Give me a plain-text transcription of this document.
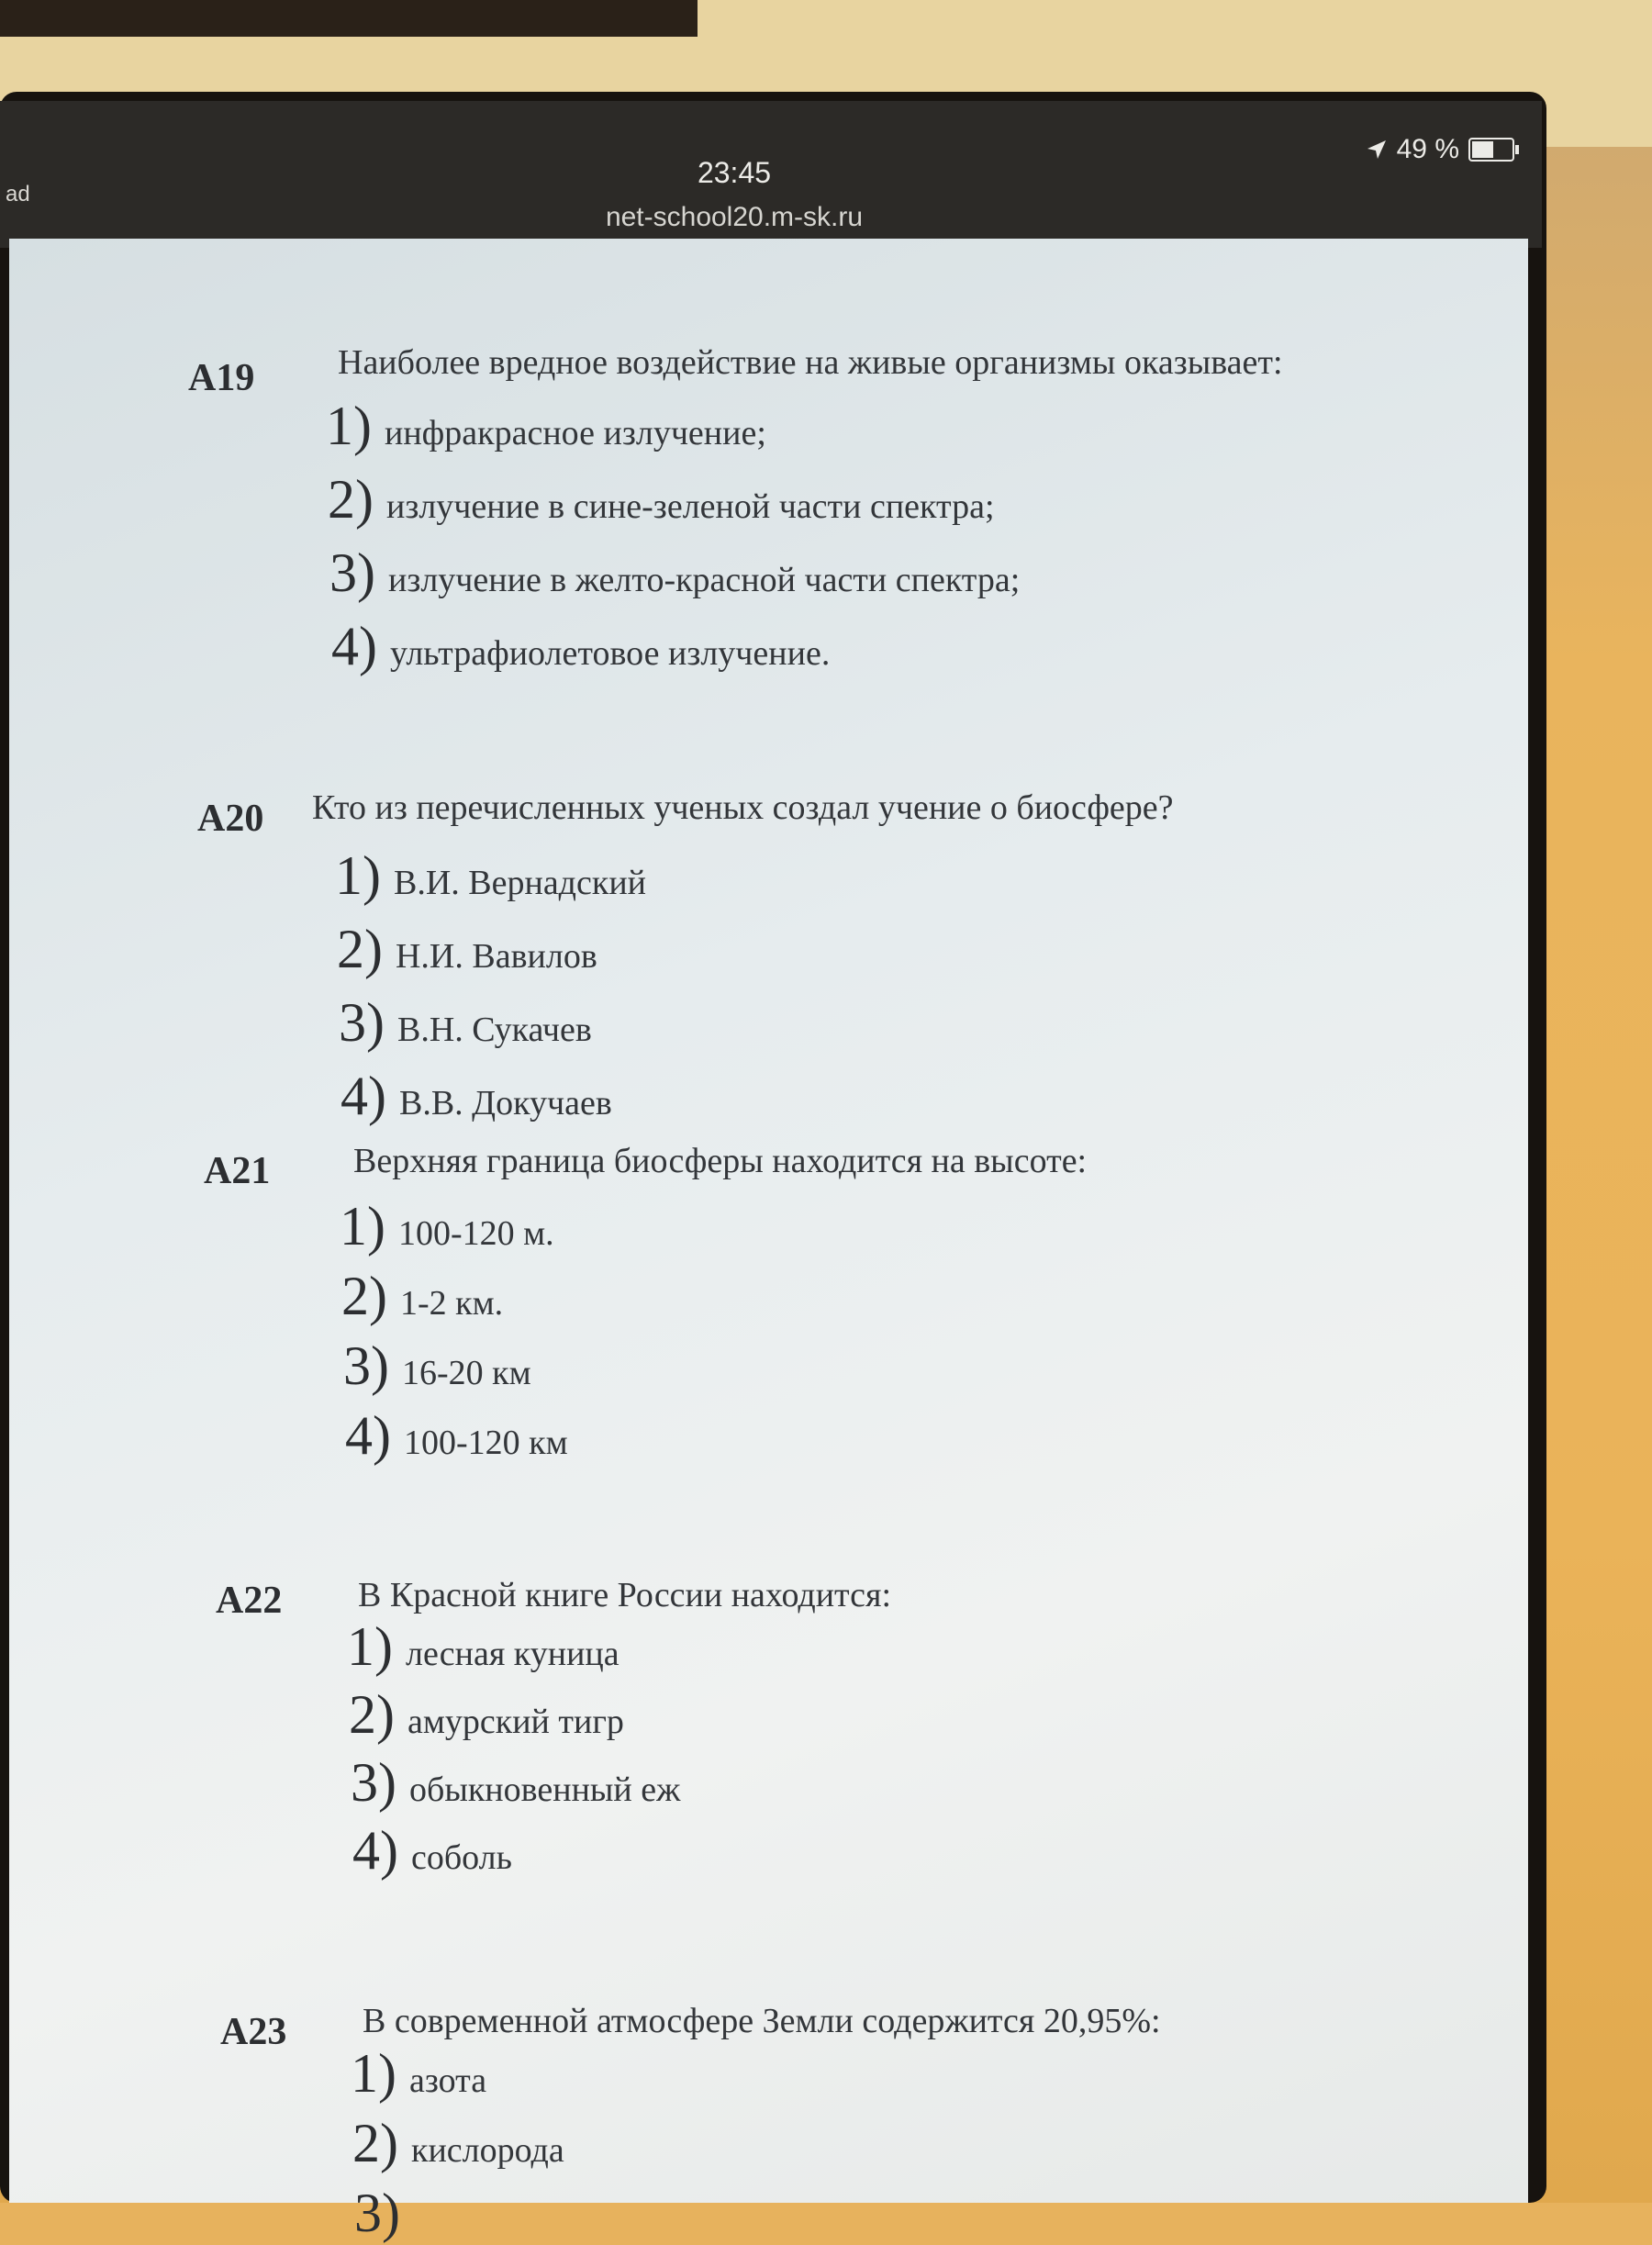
ad
23:45
net-school20.m-sk.ru
49 %
A19 Наиболее вредное воздействие на живые организмы оказывает:
1) инфракрасное излучение;
2) излучение в сине-зеленой части спектра;
3) излучение в желто-красной части спектра;
4) ультрафиолетовое излучение.
A20 Кто из перечисленных ученых создал учение о биосфере?
1) В.И. Вернадский
2) Н.И. Вавилов
3) В.Н. Сукачев
4) В.В. Докучаев
A21 Верхняя граница биосферы находится на высоте:
1) 100-120 м.
2) 1-2 км.
3) 16-20 км
4) 100-120 км
A22 В Красной книге России находится:
1) лесная куница
2) амурский тигр
3) обыкновенный еж
4) соболь
A23 В современной атмосфере Земли содержится 20,95%:
1) азота
2) кислорода
3)
